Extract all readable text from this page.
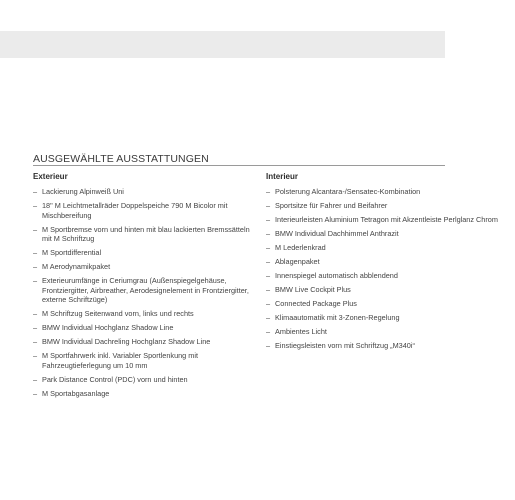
AUSGEWÄHLTE AUSSTATTUNGEN
Exterieur
– Lackierung Alpinweiß Uni
– 18" M Leichtmetallräder Doppelspeiche 790 M Bicolor mit Mischbereifung
– M Sportbremse vorn und hinten mit blau lackierten Bremssätteln mit M Schriftzug
– M Sportdifferential
– M Aerodynamikpaket
– Exterieurumfänge in Ceriumgrau (Außenspiegelgehäuse, Frontziergitter, Airbreather, Aerodesignelement in Frontziergitter, externe Schriftzüge)
– M Schriftzug Seitenwand vorn, links und rechts
– BMW Individual Hochglanz Shadow Line
– BMW Individual Dachreling Hochglanz Shadow Line
– M Sportfahrwerk inkl. Variabler Sportlenkung mit Fahrzeugtieferlegung um 10 mm
– Park Distance Control (PDC) vorn und hinten
– M Sportabgasanlage
Interieur
– Polsterung Alcantara-/Sensatec-Kombination
– Sportsitze für Fahrer und Beifahrer
– Interieurleisten Aluminium Tetragon mit Akzentleiste Perlglanz Chrom
– BMW Individual Dachhimmel Anthrazit
– M Lederlenkrad
– Ablagenpaket
– Innenspiegel automatisch abblendend
– BMW Live Cockpit Plus
– Connected Package Plus
– Klimaautomatik mit 3-Zonen-Regelung
– Ambientes Licht
– Einstiegsleisten vorn mit Schriftzug „M340i“
